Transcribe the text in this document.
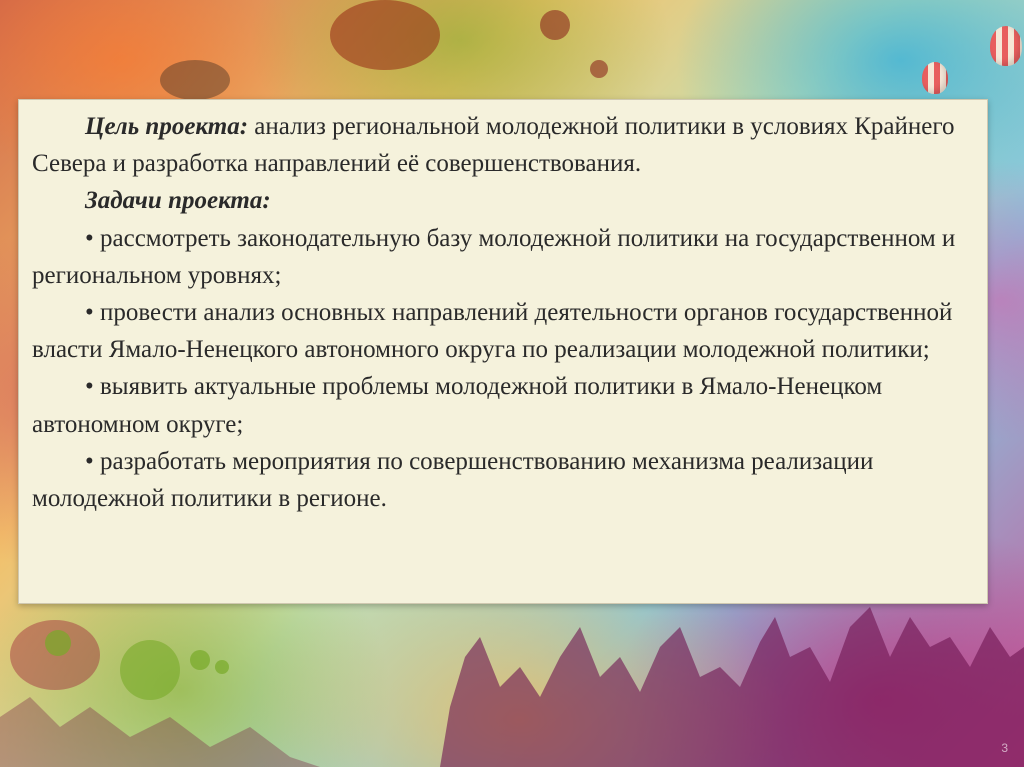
Цель проекта: анализ региональной молодежной политики в условиях Крайнего Севера и разработка направлений её совершенствования.
Задачи проекта:
• рассмотреть законодательную базу молодежной политики на государственном и региональном уровнях;
• провести анализ основных направлений деятельности органов государственной власти Ямало-Ненецкого автономного округа по реализации молодежной политики;
• выявить актуальные проблемы молодежной политики в Ямало-Ненецком автономном округе;
• разработать мероприятия по совершенствованию механизма реализации молодежной политики в регионе.
3
